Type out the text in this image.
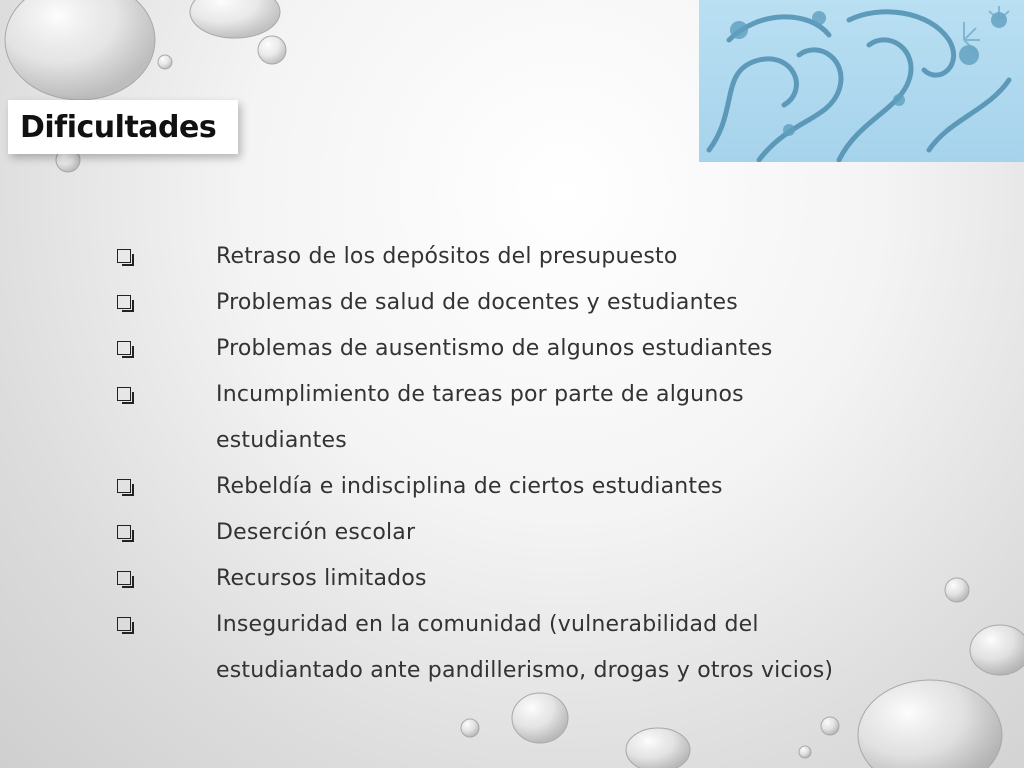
Dificultades
Retraso de los depósitos del presupuesto
Problemas de salud de docentes y estudiantes
Problemas de ausentismo de algunos estudiantes
Incumplimiento de tareas por parte de algunos
estudiantes
Rebeldía e indisciplina de ciertos estudiantes
Deserción escolar
Recursos limitados
Inseguridad en la comunidad (vulnerabilidad del
estudiantado ante pandillerismo, drogas y otros vicios)
